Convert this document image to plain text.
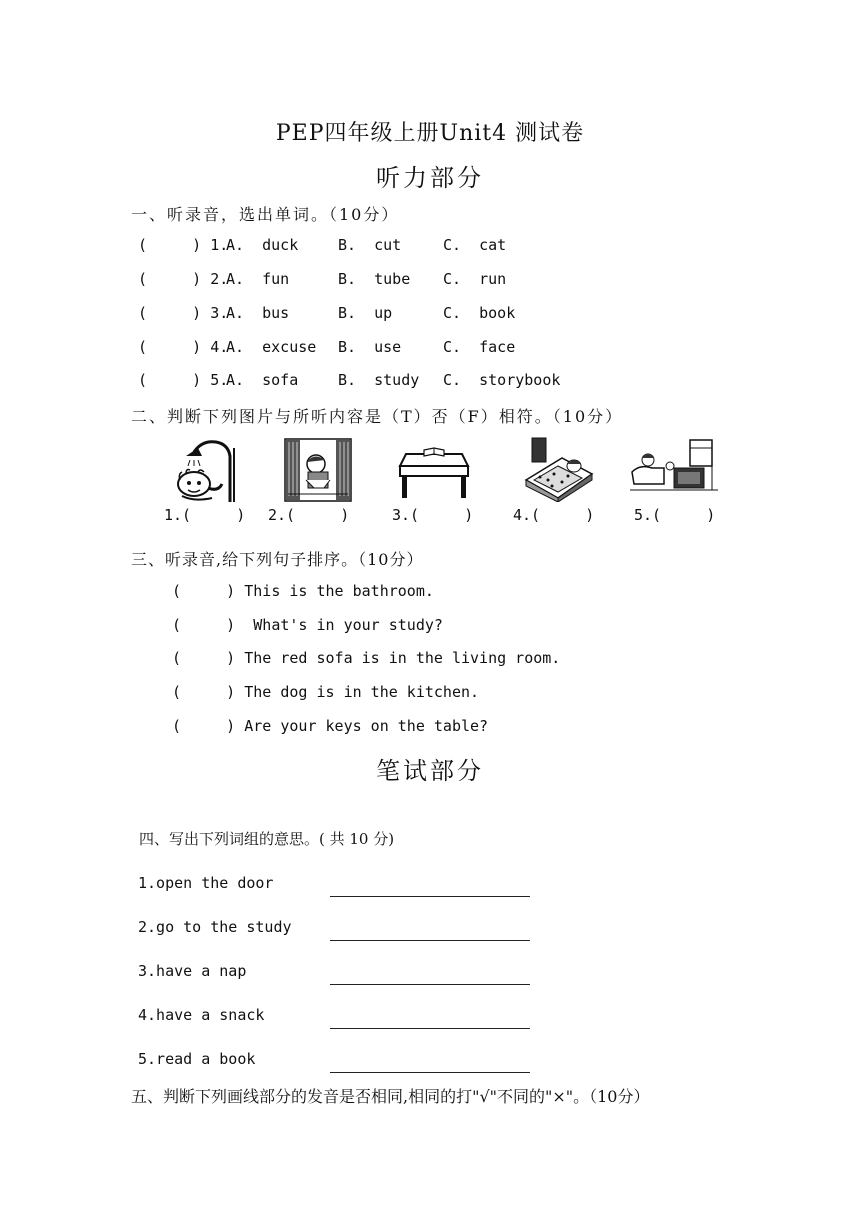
PEP四年级上册Unit4 测试卷
听力部分
一、听录音，选出单词。（10分）
(     ) 1.
A.  duck	B.  cut	C.  cat
(     ) 2.
A.  fun	B.  tube C.  run
(     ) 3.
A.  bus	B.  up	C.  book
(     ) 4.
A.  excuse B.  use	C.  face
(     ) 5.
A.  sofa	B.  study C.  storybook
二、判断下列图片与所听内容是（T）否（F）相符。（10分）
1.(     ) 2.(     )	3.(     )	4.(     )	5.(     )
三、听录音,给下列句子排序。（10分）
(     ) This is the bathroom.
(     )  What's in your study?
(     ) The red sofa is in the living room.
(     ) The dog is in the kitchen.
(     ) Are your keys on the table?
笔试部分
四、写出下列词组的意思。( 共 10 分)
1.open the door
2.go to the study
3.have a nap
4.have a snack
5.read a book
五、判断下列画线部分的发音是否相同,相同的打"√"不同的"×"。（10分）
